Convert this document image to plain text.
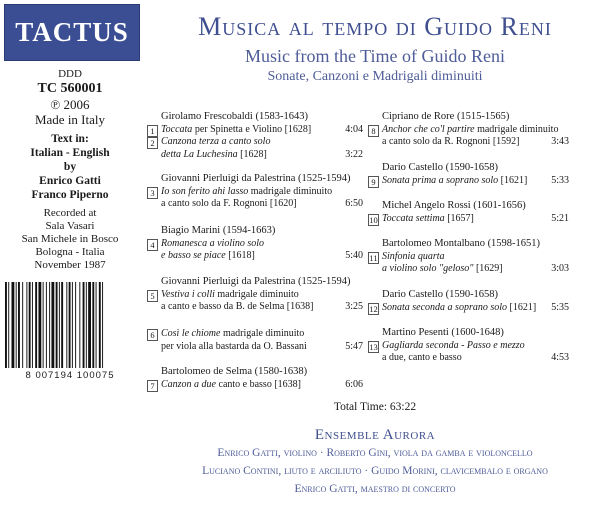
TACTUS
DDD
TC 560001
℗ 2006
Made in Italy
Text in:
Italian - English
by
Enrico Gatti
Franco Piperno
Recorded at
Sala Vasari
San Michele in Bosco
Bologna - Italia
November 1987
8 007194 100075
Musica al tempo di Guido Reni
Music from the Time of Guido Reni
Sonate, Canzoni e Madrigali diminuiti
Girolamo Frescobaldi (1583-1643)
1 Toccata per Spinetta e Violino [1628]	4:04
2 Canzona terza a canto solo
detta La Luchesina [1628]	3:22
Giovanni Pierluigi da Palestrina (1525-1594)
3 Io son ferito ahi lasso madrigale diminuito
a canto solo da F. Rognoni [1620]	6:50
Biagio Marini (1594-1663)
4 Romanesca a violino solo
e basso se piace [1618]	5:40
Giovanni Pierluigi da Palestrina (1525-1594)
5 Vestiva i colli madrigale diminuito
a canto e basso da B. de Selma [1638]	3:25
6 Così le chiome madrigale diminuito
per viola alla bastarda da O. Bassani	5:47
Bartolomeo de Selma (1580-1638)
7 Canzon a due canto e basso [1638]	6:06
Cipriano de Rore (1515-1565)
8 Anchor che co'l partire madrigale diminuito
a canto solo da R. Rognoni [1592]	3:43
Dario Castello (1590-1658)
9 Sonata prima a soprano solo [1621]	5:33
Michel Angelo Rossi (1601-1656)
10 Toccata settima [1657]	5:21
Bartolomeo Montalbano (1598-1651)
11 Sinfonia quarta
a violino solo "geloso" [1629]	3:03
Dario Castello (1590-1658)
12 Sonata seconda a soprano solo [1621]	5:35
Martino Pesenti (1600-1648)
13 Gagliarda seconda - Passo e mezzo
a due, canto e basso	4:53
Total Time: 63:22
Ensemble Aurora
Enrico Gatti, violino · Roberto Gini, viola da gamba e violoncello
Luciano Contini, liuto e arciliuto · Guido Morini, clavicembalo e organo
Enrico Gatti, maestro di concerto
